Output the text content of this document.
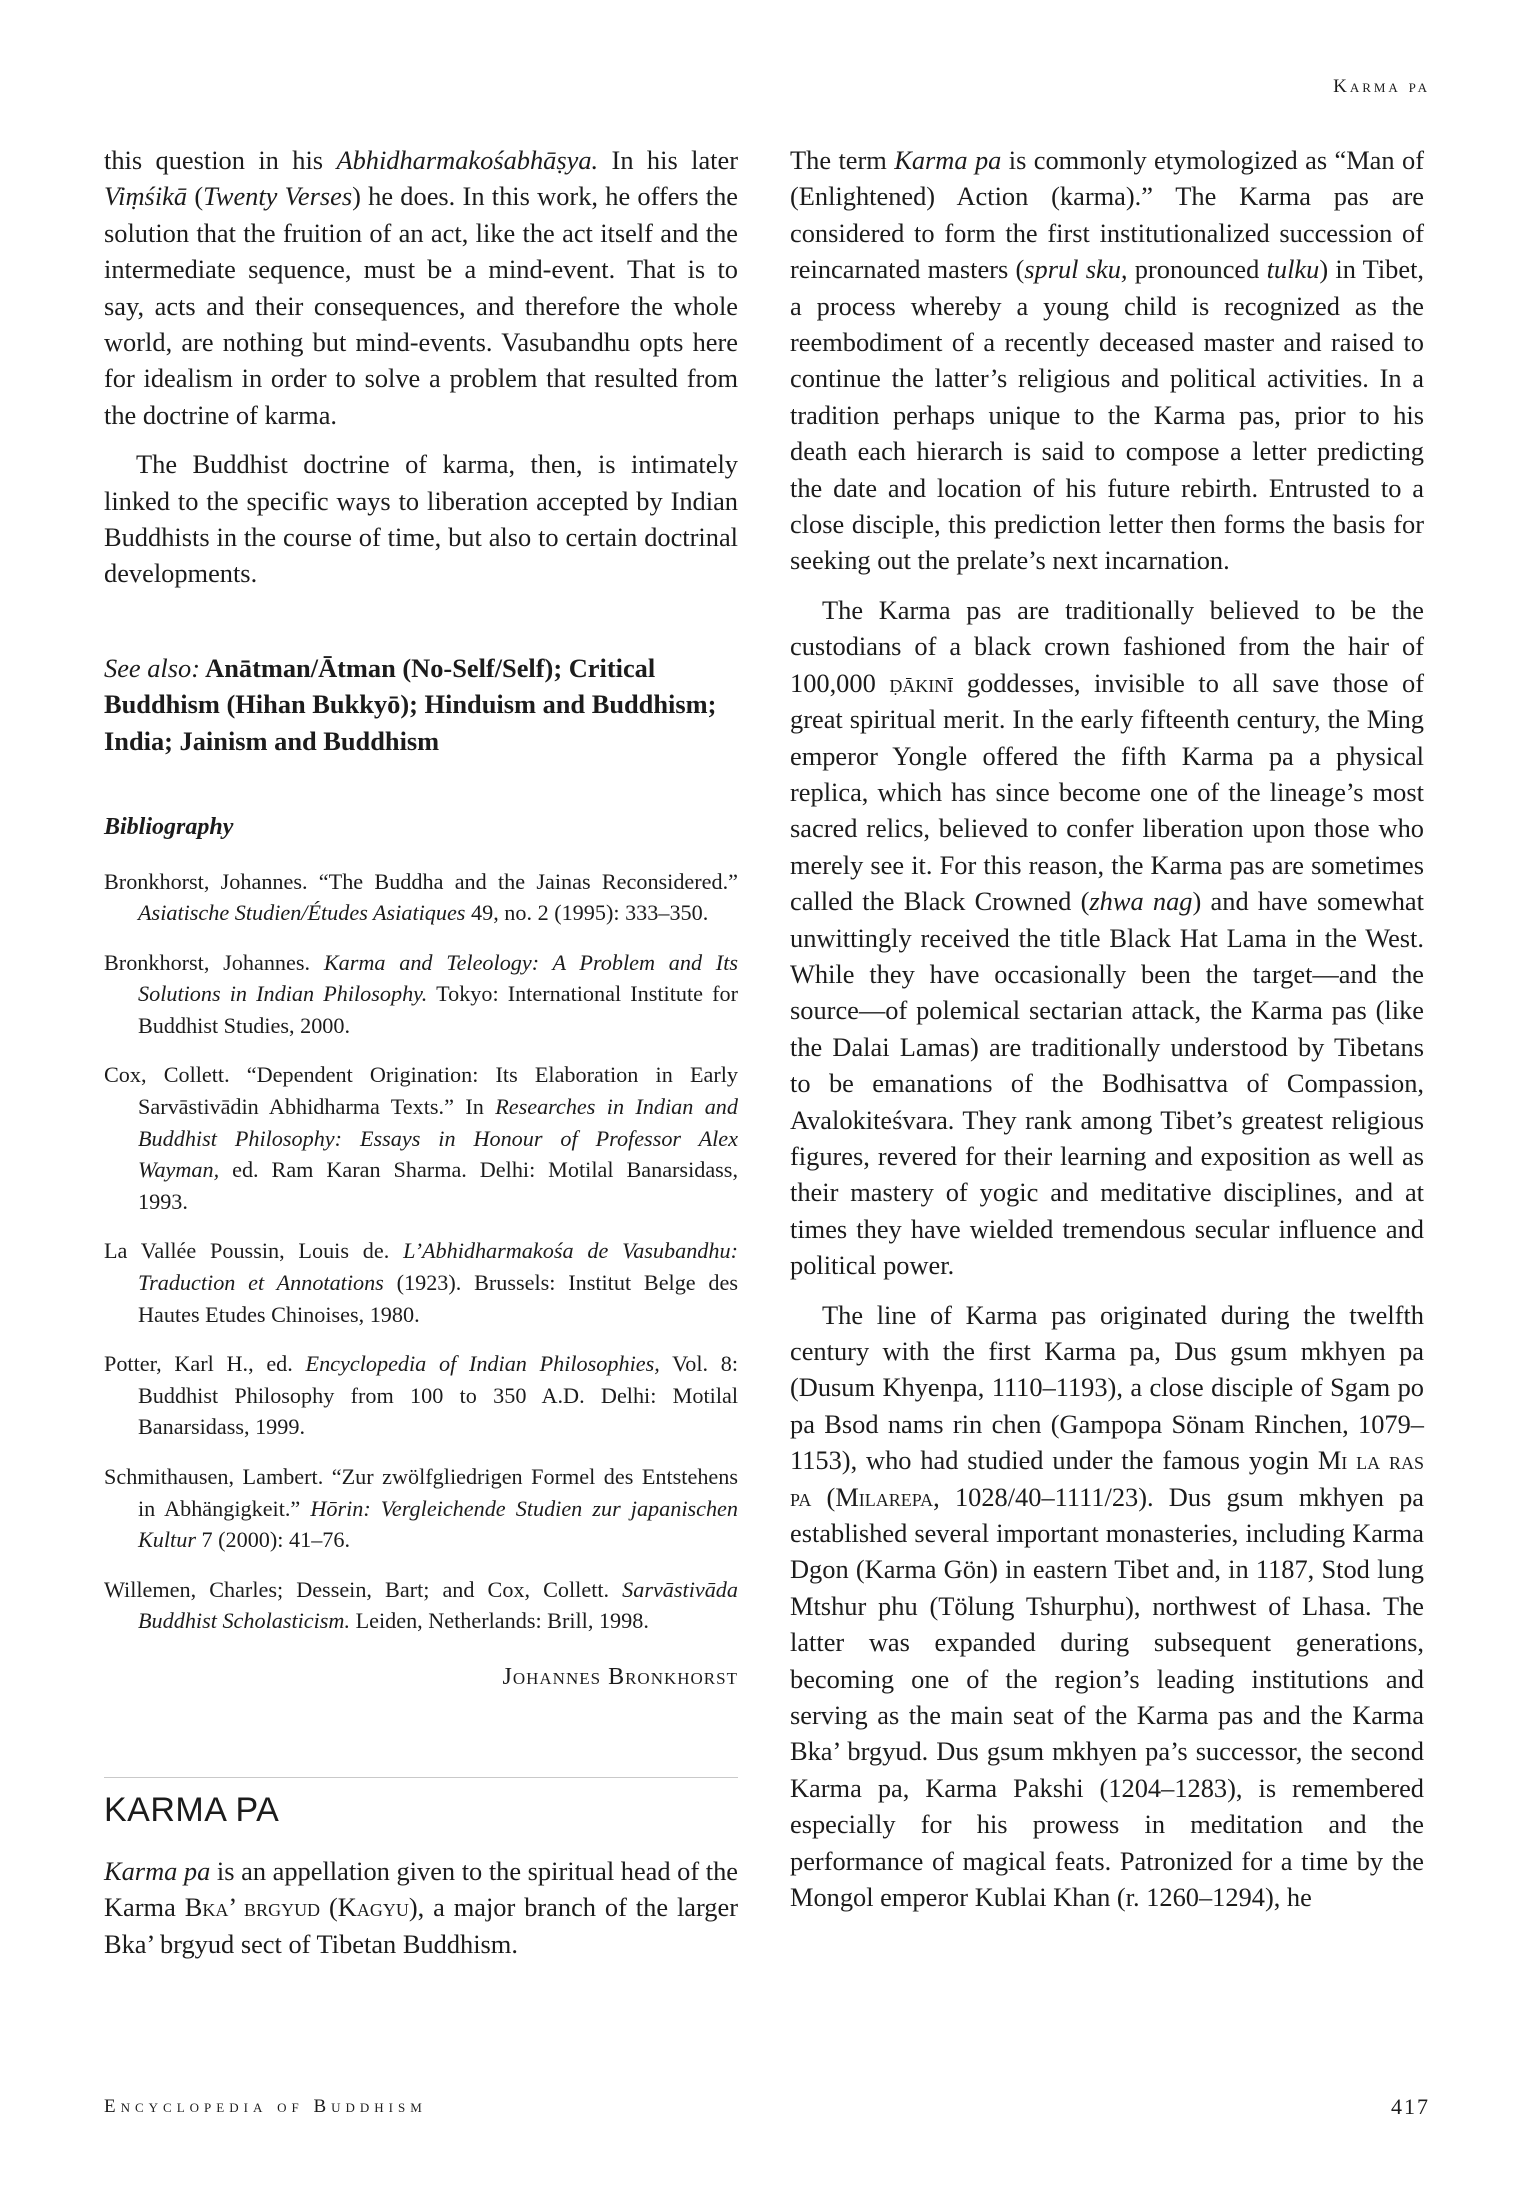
Karma pa

this question in his Abhidharmakośabhāṣya. In his later Viṃśikā (Twenty Verses) he does. In this work, he offers the solution that the fruition of an act, like the act itself and the intermediate sequence, must be a mind-event. That is to say, acts and their consequences, and therefore the whole world, are nothing but mind-events. Vasubandhu opts here for idealism in order to solve a problem that resulted from the doctrine of karma.

The Buddhist doctrine of karma, then, is intimately linked to the specific ways to liberation accepted by Indian Buddhists in the course of time, but also to certain doctrinal developments.

See also: Anātman/Ātman (No-Self/Self); Critical Buddhism (Hihan Bukkyō); Hinduism and Buddhism; India; Jainism and Buddhism

Bibliography
Bronkhorst, Johannes. “The Buddha and the Jainas Reconsidered.” Asiatische Studien/Études Asiatiques 49, no. 2 (1995): 333–350.
Bronkhorst, Johannes. Karma and Teleology: A Problem and Its Solutions in Indian Philosophy. Tokyo: International Institute for Buddhist Studies, 2000.
Cox, Collett. “Dependent Origination: Its Elaboration in Early Sarvāstivādin Abhidharma Texts.” In Researches in Indian and Buddhist Philosophy: Essays in Honour of Professor Alex Wayman, ed. Ram Karan Sharma. Delhi: Motilal Banarsidass, 1993.
La Vallée Poussin, Louis de. L’Abhidharmakośa de Vasubandhu: Traduction et Annotations (1923). Brussels: Institut Belge des Hautes Etudes Chinoises, 1980.
Potter, Karl H., ed. Encyclopedia of Indian Philosophies, Vol. 8: Buddhist Philosophy from 100 to 350 A.D. Delhi: Motilal Banarsidass, 1999.
Schmithausen, Lambert. “Zur zwölfgliedrigen Formel des Entstehens in Abhängigkeit.” Hōrin: Vergleichende Studien zur japanischen Kultur 7 (2000): 41–76.
Willemen, Charles; Dessein, Bart; and Cox, Collett. Sarvāstivāda Buddhist Scholasticism. Leiden, Netherlands: Brill, 1998.
Johannes Bronkhorst
KARMA PA

Karma pa is an appellation given to the spiritual head of the Karma Bka’ brgyud (Kagyu), a major branch of the larger Bka’ brgyud sect of Tibetan Buddhism.

The term Karma pa is commonly etymologized as “Man of (Enlightened) Action (karma).” The Karma pas are considered to form the first institutionalized succession of reincarnated masters (sprul sku, pronounced tulku) in Tibet, a process whereby a young child is recognized as the reembodiment of a recently deceased master and raised to continue the latter’s religious and political activities. In a tradition perhaps unique to the Karma pas, prior to his death each hierarch is said to compose a letter predicting the date and location of his future rebirth. Entrusted to a close disciple, this prediction letter then forms the basis for seeking out the prelate’s next incarnation.

The Karma pas are traditionally believed to be the custodians of a black crown fashioned from the hair of 100,000 ḍākinī goddesses, invisible to all save those of great spiritual merit. In the early fifteenth century, the Ming emperor Yongle offered the fifth Karma pa a physical replica, which has since become one of the lineage’s most sacred relics, believed to confer liberation upon those who merely see it. For this reason, the Karma pas are sometimes called the Black Crowned (zhwa nag) and have somewhat unwittingly received the title Black Hat Lama in the West. While they have occasionally been the target—and the source—of polemical sectarian attack, the Karma pas (like the Dalai Lamas) are traditionally understood by Tibetans to be emanations of the Bodhisattva of Compassion, Avalokiteśvara. They rank among Tibet’s greatest religious figures, revered for their learning and exposition as well as their mastery of yogic and meditative disciplines, and at times they have wielded tremendous secular influence and political power.

The line of Karma pas originated during the twelfth century with the first Karma pa, Dus gsum mkhyen pa (Dusum Khyenpa, 1110–1193), a close disciple of Sgam po pa Bsod nams rin chen (Gampopa Sönam Rinchen, 1079–1153), who had studied under the famous yogin Mi la ras pa (Milarepa, 1028/40–1111/23). Dus gsum mkhyen pa established several important monasteries, including Karma Dgon (Karma Gön) in eastern Tibet and, in 1187, Stod lung Mtshur phu (Tölung Tshurphu), northwest of Lhasa. The latter was expanded during subsequent generations, becoming one of the region’s leading institutions and serving as the main seat of the Karma pas and the Karma Bka’ brgyud. Dus gsum mkhyen pa’s successor, the second Karma pa, Karma Pakshi (1204–1283), is remembered especially for his prowess in meditation and the performance of magical feats. Patronized for a time by the Mongol emperor Kublai Khan (r. 1260–1294), he

Encyclopedia of Buddhism	417
